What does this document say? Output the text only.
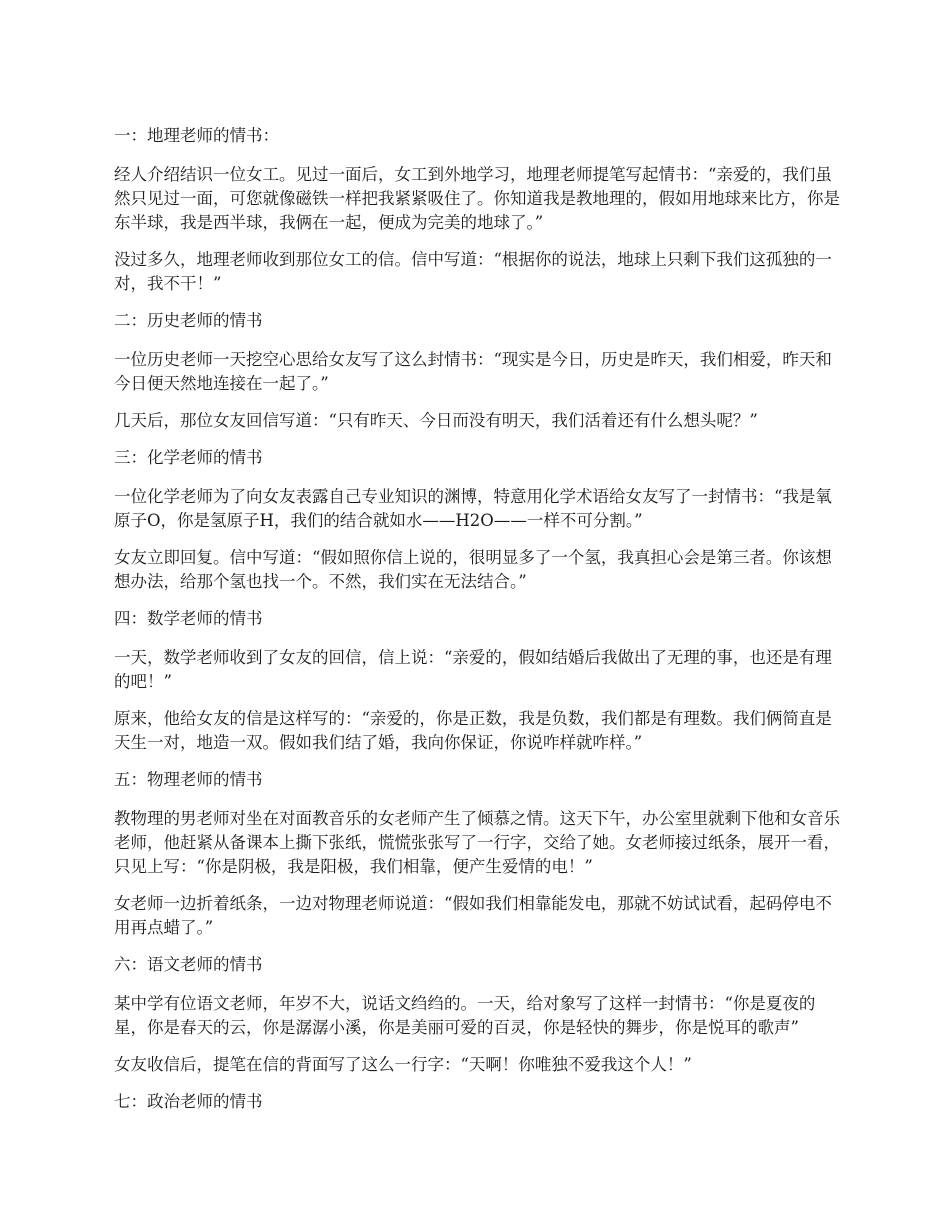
一：地理老师的情书：

经人介绍结识一位女工。见过一面后，女工到外地学习，地理老师提笔写起情书：“亲爱的，我们虽然只见过一面，可您就像磁铁一样把我紧紧吸住了。你知道我是教地理的，假如用地球来比方，你是东半球，我是西半球，我俩在一起，便成为完美的地球了。”

没过多久，地理老师收到那位女工的信。信中写道：“根据你的说法，地球上只剩下我们这孤独的一对，我不干！”

二：历史老师的情书

一位历史老师一天挖空心思给女友写了这么封情书：“现实是今日，历史是昨天，我们相爱，昨天和今日便天然地连接在一起了。”

几天后，那位女友回信写道：“只有昨天、今日而没有明天，我们活着还有什么想头呢？”

三：化学老师的情书

一位化学老师为了向女友表露自己专业知识的渊博，特意用化学术语给女友写了一封情书：“我是氧原子O，你是氢原子H，我们的结合就如水——H2O——一样不可分割。”

女友立即回复。信中写道：“假如照你信上说的，很明显多了一个氢，我真担心会是第三者。你该想想办法，给那个氢也找一个。不然，我们实在无法结合。”

四：数学老师的情书

一天，数学老师收到了女友的回信，信上说：“亲爱的，假如结婚后我做出了无理的事，也还是有理的吧！”

原来，他给女友的信是这样写的：“亲爱的，你是正数，我是负数，我们都是有理数。我们俩简直是天生一对，地造一双。假如我们结了婚，我向你保证，你说咋样就咋样。”

五：物理老师的情书

教物理的男老师对坐在对面教音乐的女老师产生了倾慕之情。这天下午，办公室里就剩下他和女音乐老师，他赶紧从备课本上撕下张纸，慌慌张张写了一行字，交给了她。女老师接过纸条，展开一看，只见上写：“你是阴极，我是阳极，我们相靠，便产生爱情的电！”

女老师一边折着纸条，一边对物理老师说道：“假如我们相靠能发电，那就不妨试试看，起码停电不用再点蜡了。”

六：语文老师的情书

某中学有位语文老师，年岁不大，说话文绉绉的。一天，给对象写了这样一封情书：“你是夏夜的星，你是春天的云，你是潺潺小溪，你是美丽可爱的百灵，你是轻快的舞步，你是悦耳的歌声”

女友收信后，提笔在信的背面写了这么一行字：“天啊！你唯独不爱我这个人！”

七：政治老师的情书
